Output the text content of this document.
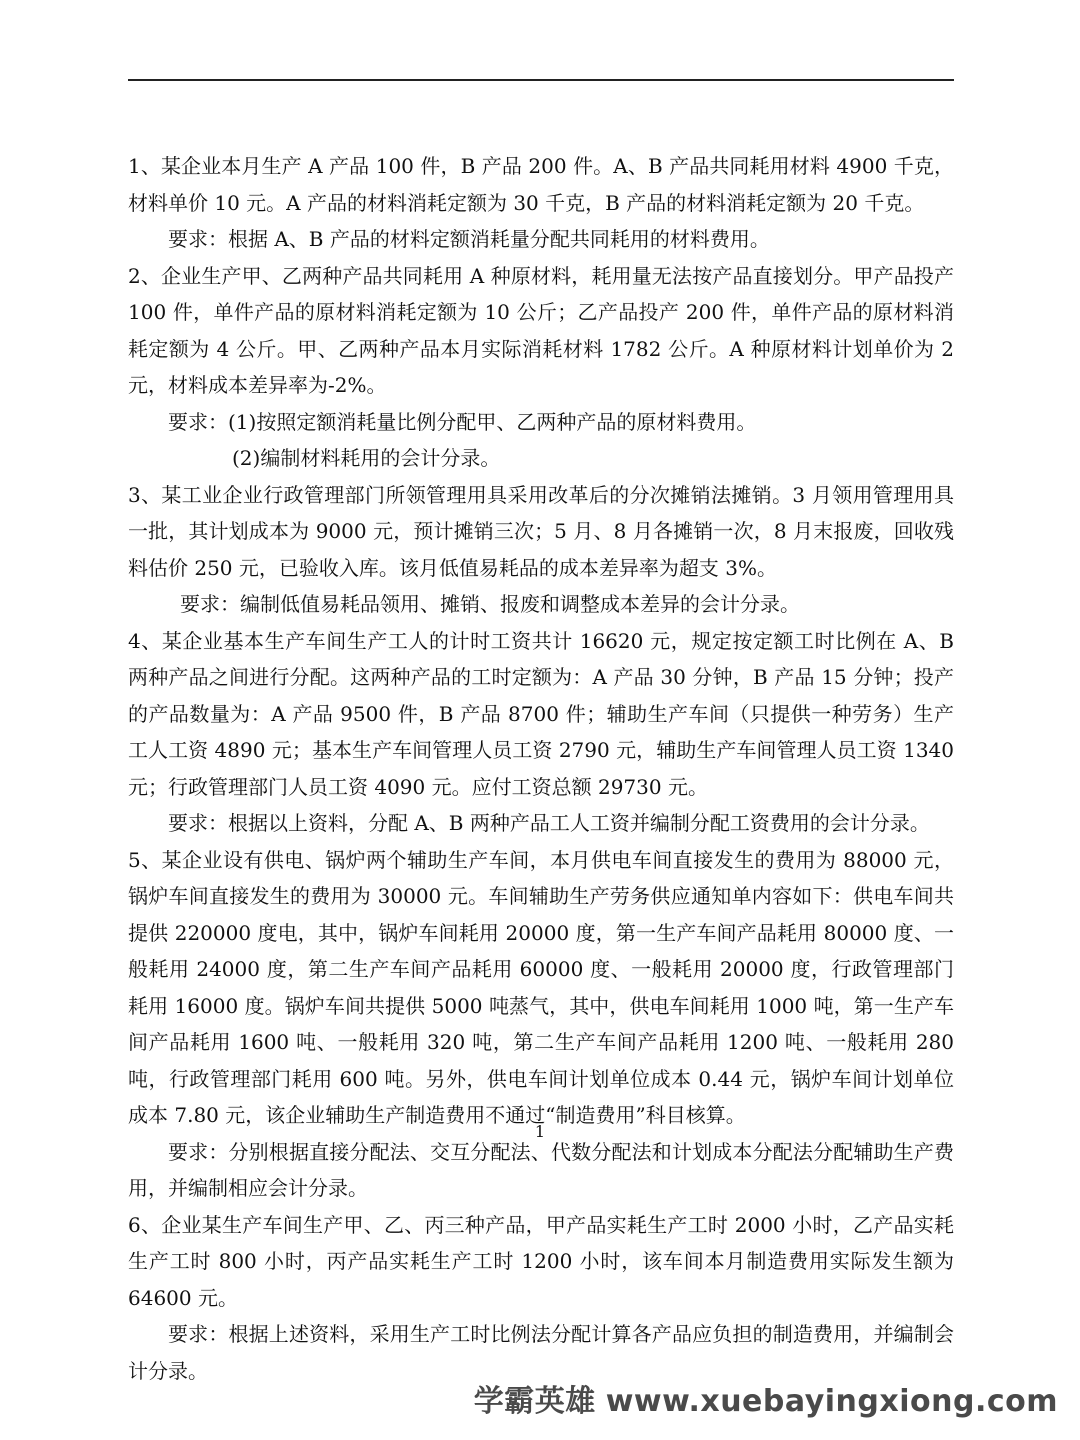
1、某企业本月生产 A 产品 100 件，B 产品 200 件。A、B 产品共同耗用材料 4900 千克，材料单价 10 元。A 产品的材料消耗定额为 30 千克，B 产品的材料消耗定额为 20 千克。

要求：根据 A、B 产品的材料定额消耗量分配共同耗用的材料费用。

2、企业生产甲、乙两种产品共同耗用 A 种原材料，耗用量无法按产品直接划分。甲产品投产 100 件，单件产品的原材料消耗定额为 10 公斤；乙产品投产 200 件，单件产品的原材料消耗定额为 4 公斤。甲、乙两种产品本月实际消耗材料 1782 公斤。A 种原材料计划单价为 2 元，材料成本差异率为-2%。

要求：(1)按照定额消耗量比例分配甲、乙两种产品的原材料费用。

(2)编制材料耗用的会计分录。

3、某工业企业行政管理部门所领管理用具采用改革后的分次摊销法摊销。3 月领用管理用具一批，其计划成本为 9000 元，预计摊销三次；5 月、8 月各摊销一次，8 月末报废，回收残料估价 250 元，已验收入库。该月低值易耗品的成本差异率为超支 3%。

要求：编制低值易耗品领用、摊销、报废和调整成本差异的会计分录。

4、某企业基本生产车间生产工人的计时工资共计 16620 元，规定按定额工时比例在 A、B 两种产品之间进行分配。这两种产品的工时定额为：A 产品 30 分钟，B 产品 15 分钟；投产的产品数量为：A 产品 9500 件，B 产品 8700 件；辅助生产车间（只提供一种劳务）生产工人工资 4890 元；基本生产车间管理人员工资 2790 元，辅助生产车间管理人员工资 1340 元；行政管理部门人员工资 4090 元。应付工资总额 29730 元。

要求：根据以上资料，分配 A、B 两种产品工人工资并编制分配工资费用的会计分录。

5、某企业设有供电、锅炉两个辅助生产车间，本月供电车间直接发生的费用为 88000 元，锅炉车间直接发生的费用为 30000 元。车间辅助生产劳务供应通知单内容如下：供电车间共提供 220000 度电，其中，锅炉车间耗用 20000 度，第一生产车间产品耗用 80000 度、一般耗用 24000 度，第二生产车间产品耗用 60000 度、一般耗用 20000 度，行政管理部门耗用 16000 度。锅炉车间共提供 5000 吨蒸气，其中，供电车间耗用 1000 吨，第一生产车间产品耗用 1600 吨、一般耗用 320 吨，第二生产车间产品耗用 1200 吨、一般耗用 280 吨，行政管理部门耗用 600 吨。另外，供电车间计划单位成本 0.44 元，锅炉车间计划单位成本 7.80 元，该企业辅助生产制造费用不通过“制造费用”科目核算。

要求：分别根据直接分配法、交互分配法、代数分配法和计划成本分配法分配辅助生产费用，并编制相应会计分录。

6、企业某生产车间生产甲、乙、丙三种产品，甲产品实耗生产工时 2000 小时，乙产品实耗生产工时 800 小时，丙产品实耗生产工时 1200 小时，该车间本月制造费用实际发生额为 64600 元。

要求：根据上述资料，采用生产工时比例法分配计算各产品应负担的制造费用，并编制会计分录。

1
学霸英雄 www.xuebayingxiong.com
